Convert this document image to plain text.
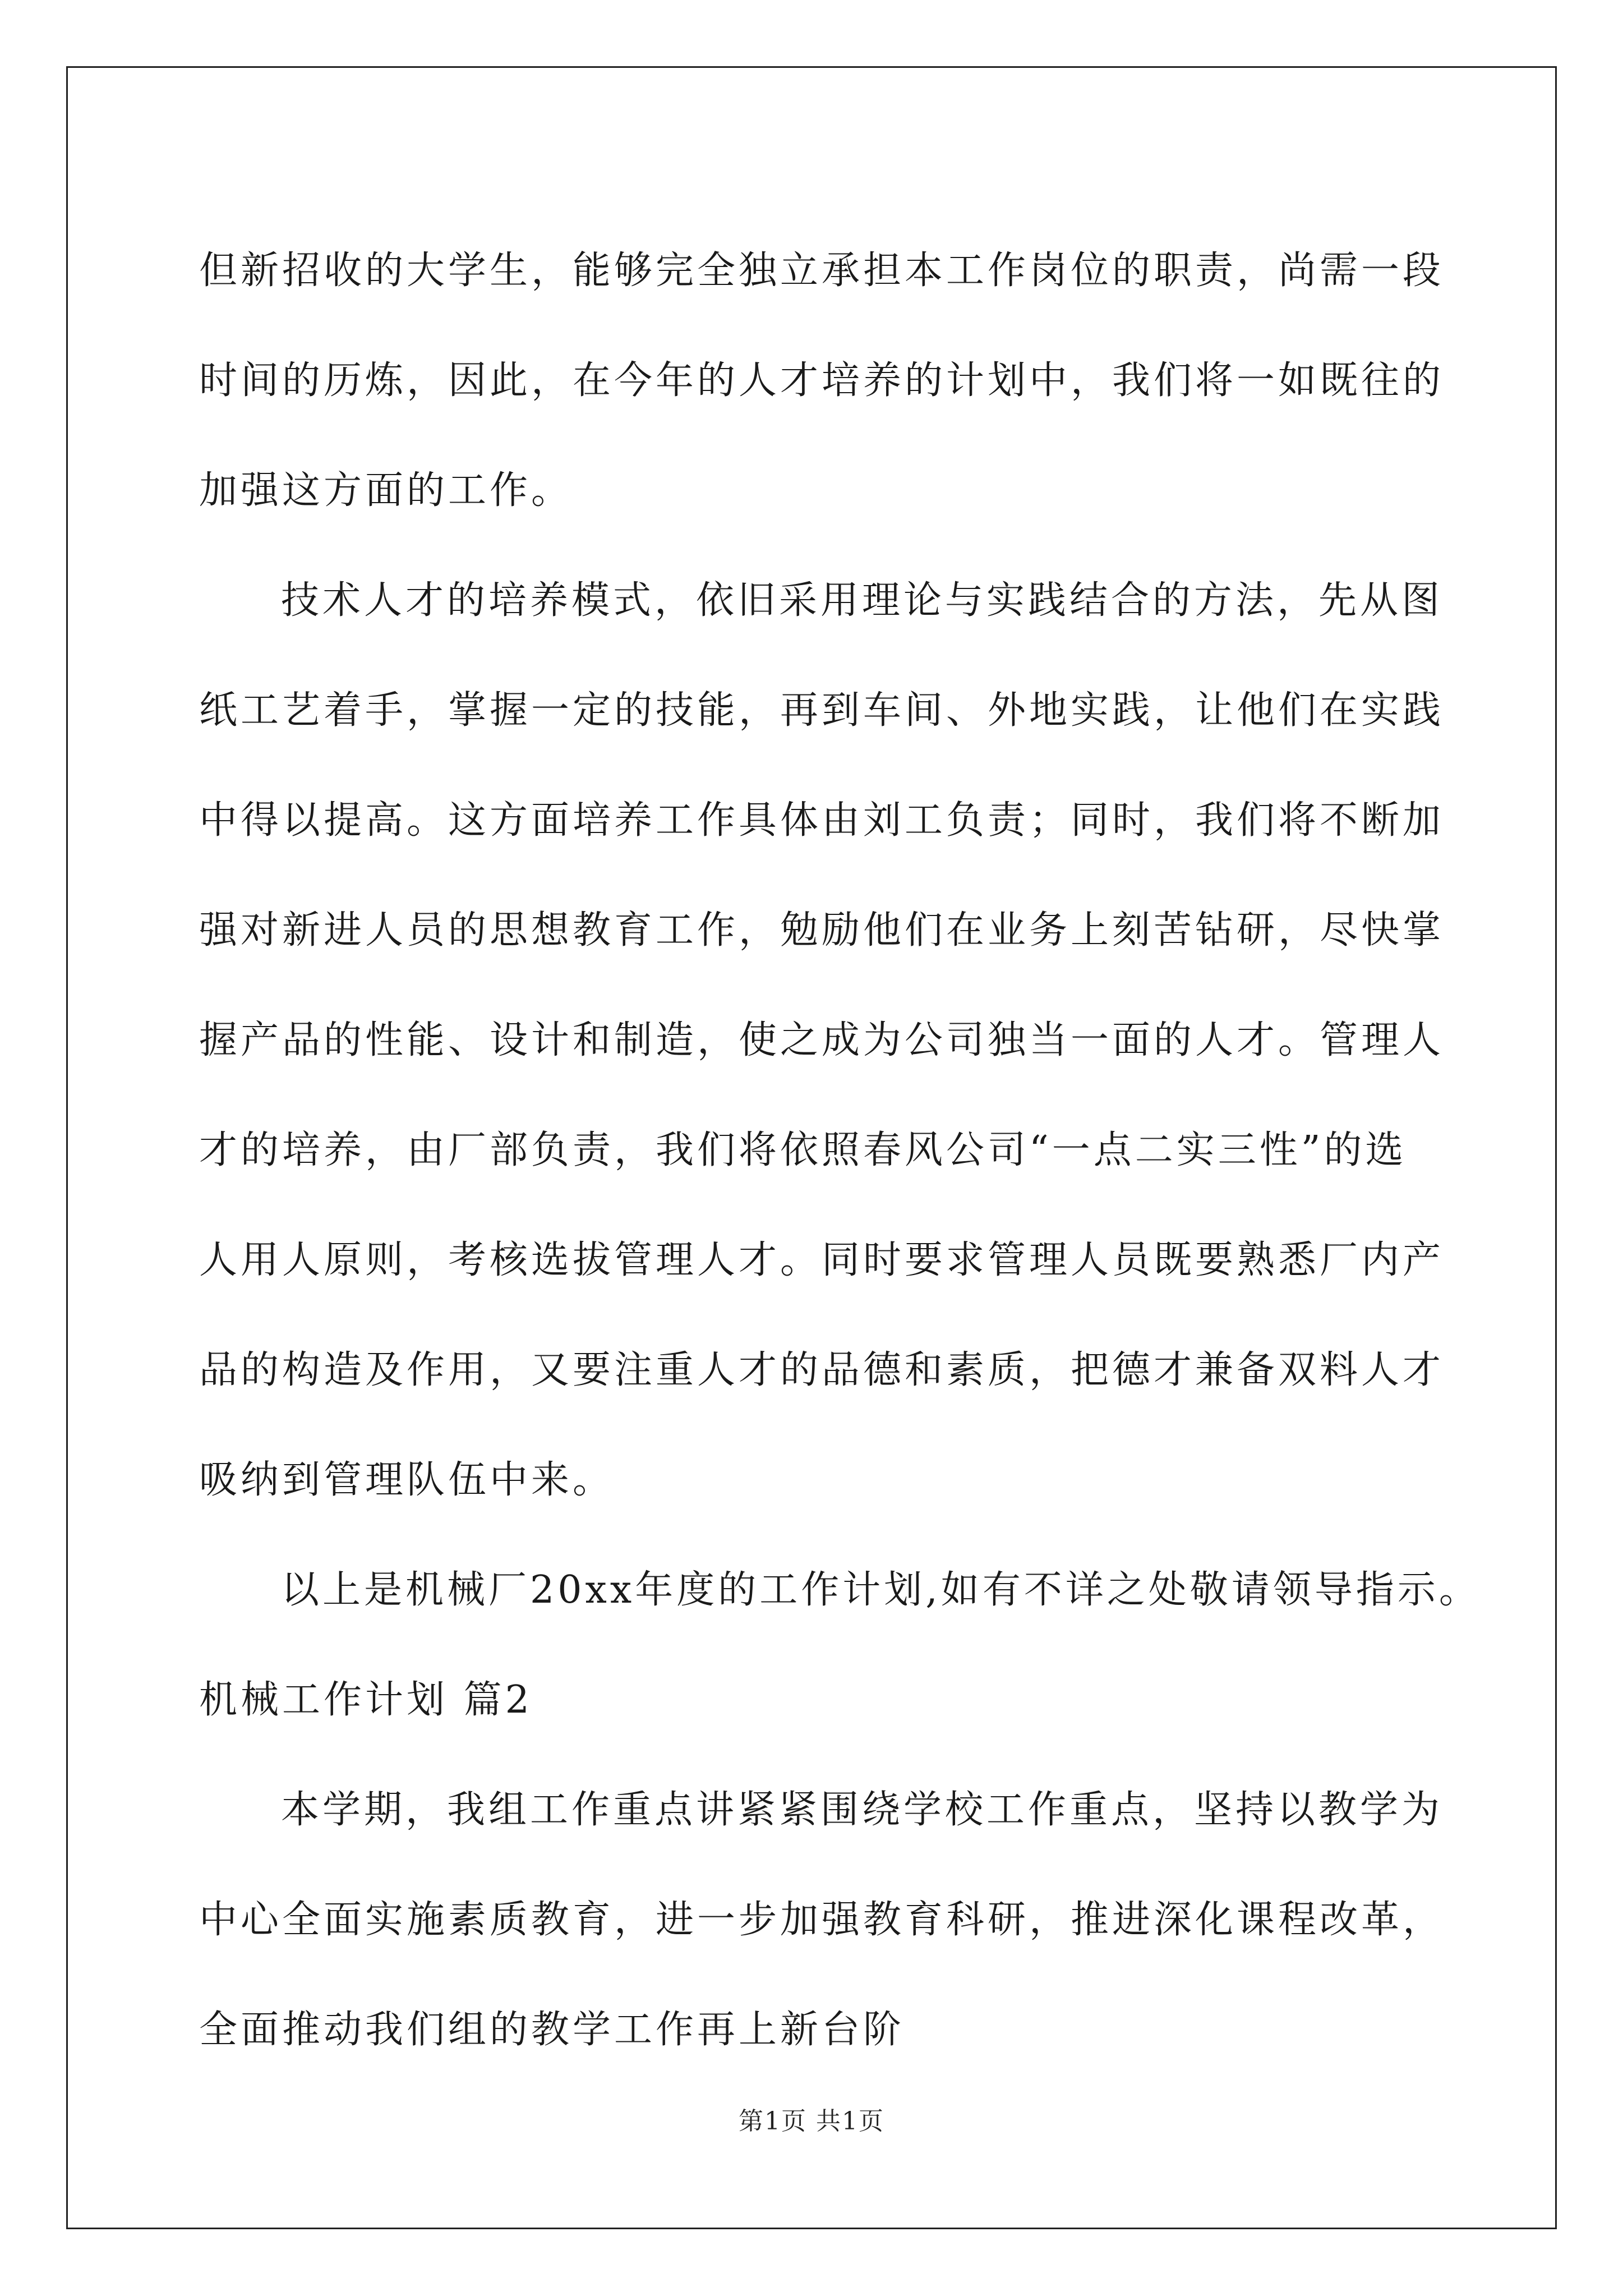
但新招收的大学生，能够完全独立承担本工作岗位的职责，尚需一段
时间的历炼，因此，在今年的人才培养的计划中，我们将一如既往的
加强这方面的工作。
技术人才的培养模式，依旧采用理论与实践结合的方法，先从图
纸工艺着手，掌握一定的技能，再到车间、外地实践，让他们在实践
中得以提高。这方面培养工作具体由刘工负责；同时，我们将不断加
强对新进人员的思想教育工作，勉励他们在业务上刻苦钻研，尽快掌
握产品的性能、设计和制造，使之成为公司独当一面的人才。管理人
才的培养，由厂部负责，我们将依照春风公司“一点二实三性”的选
人用人原则，考核选拔管理人才。同时要求管理人员既要熟悉厂内产
品的构造及作用，又要注重人才的品德和素质，把德才兼备双料人才
吸纳到管理队伍中来。
以上是机械厂20xx年度的工作计划,如有不详之处敬请领导指示。
机械工作计划 篇2
本学期，我组工作重点讲紧紧围绕学校工作重点，坚持以教学为
中心全面实施素质教育，进一步加强教育科研，推进深化课程改革，
全面推动我们组的教学工作再上新台阶
第1页 共1页
